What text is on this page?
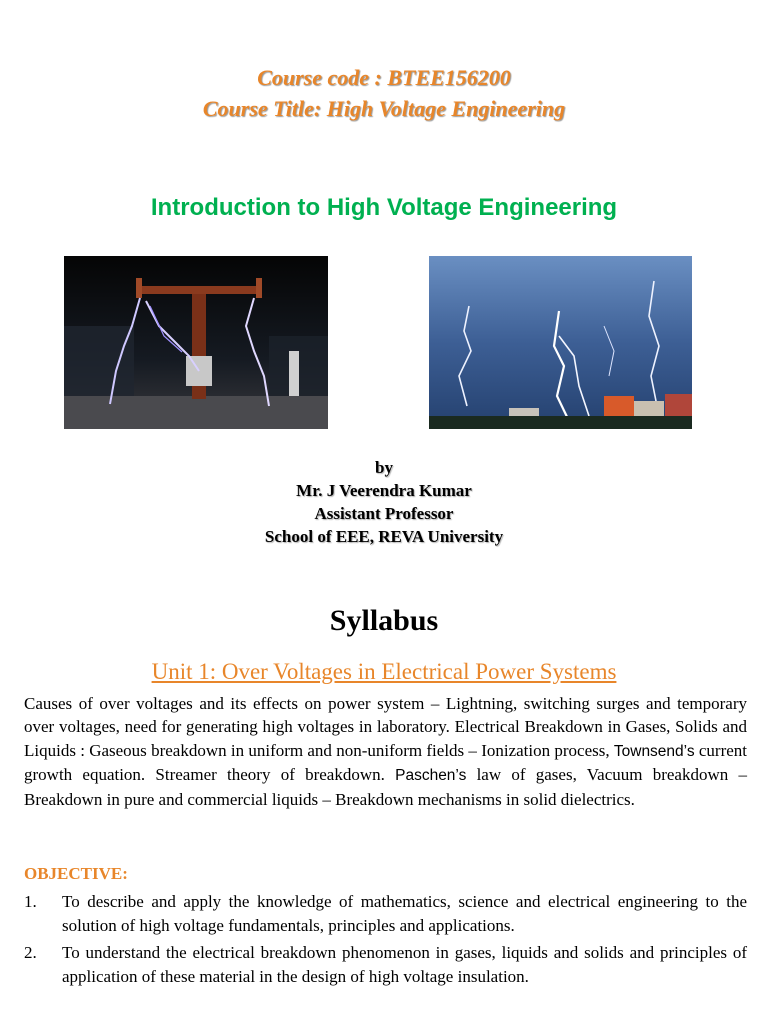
Course code : BTEE156200
Course Title: High Voltage Engineering
Introduction to High Voltage Engineering
by
Mr. J Veerendra Kumar
Assistant Professor
School of EEE, REVA University
Syllabus
Unit 1: Over Voltages in Electrical Power Systems

Causes of over voltages and its effects on power system – Lightning, switching surges and temporary over voltages, need for generating high voltages in laboratory. Electrical Breakdown in Gases, Solids and Liquids : Gaseous breakdown in uniform and non-uniform fields – Ionization process, Townsend’s current growth equation. Streamer theory of breakdown. Paschen’s law of gases, Vacuum breakdown –Breakdown in pure and commercial liquids – Breakdown mechanisms in solid dielectrics.

OBJECTIVE:
1.	To describe and apply the knowledge of mathematics, science and electrical engineering to the solution of high voltage fundamentals, principles and applications.
2.	To understand the electrical breakdown phenomenon in gases, liquids and solids and principles of application of these material in the design of high voltage insulation.
